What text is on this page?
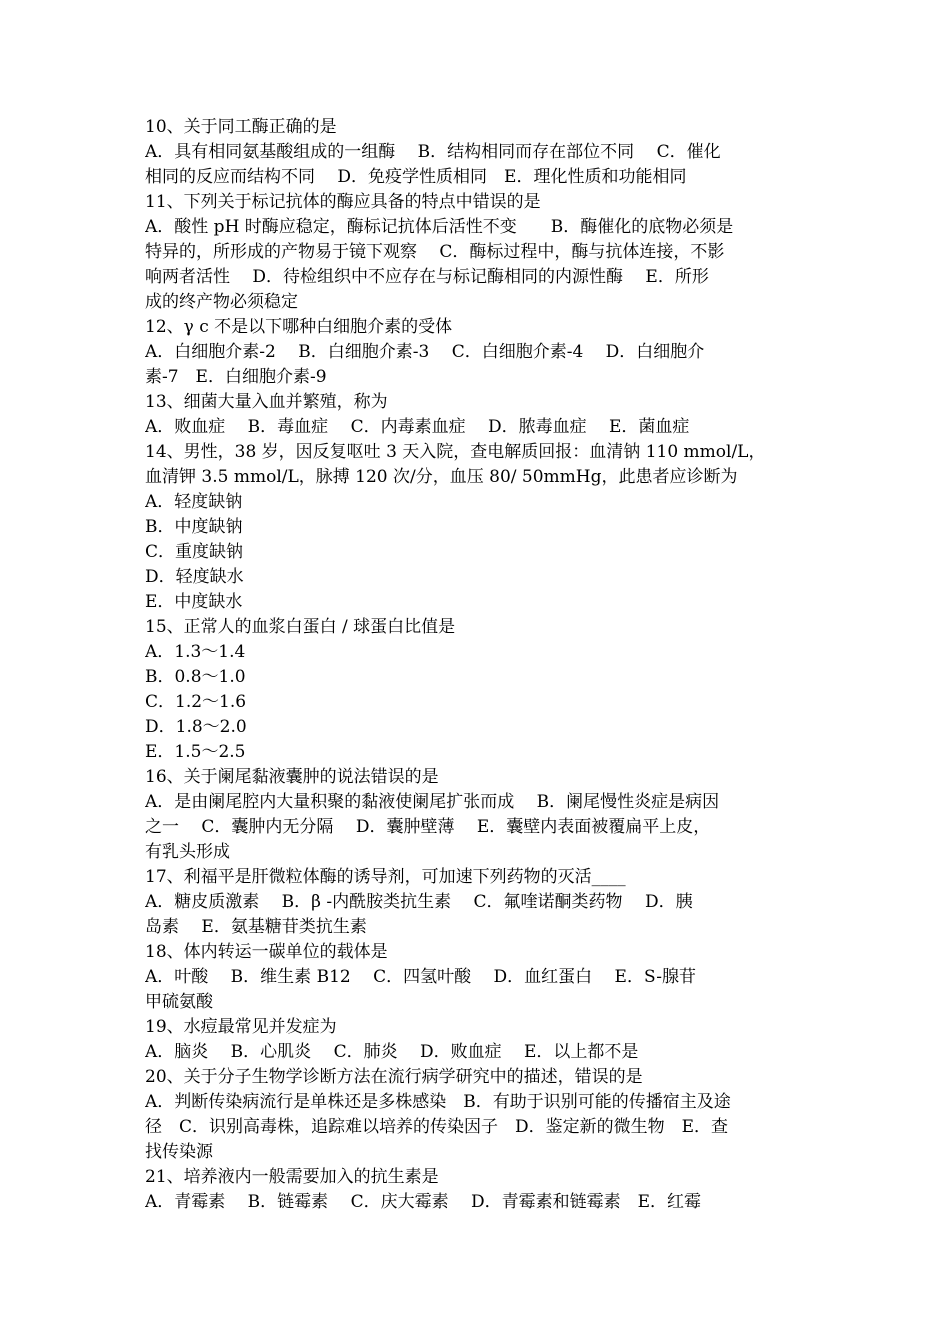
10、关于同工酶正确的是
A．具有相同氨基酸组成的一组酶　 B．结构相同而存在部位不同　 C．催化
相同的反应而结构不同　 D．免疫学性质相同　E．理化性质和功能相同
11、下列关于标记抗体的酶应具备的特点中错误的是
A．酸性 pH 时酶应稳定，酶标记抗体后活性不变　　B．酶催化的底物必须是
特异的，所形成的产物易于镜下观察　 C．酶标过程中，酶与抗体连接，不影
响两者活性　 D．待检组织中不应存在与标记酶相同的内源性酶　 E．所形
成的终产物必须稳定
12、γ c 不是以下哪种白细胞介素的受体
A．白细胞介素-2　 B．白细胞介素-3　 C．白细胞介素-4　 D．白细胞介
素-7　E．白细胞介素-9
13、细菌大量入血并繁殖，称为
A．败血症　 B．毒血症　 C．内毒素血症　 D．脓毒血症　 E．菌血症
14、男性，38 岁，因反复呕吐 3 天入院，查电解质回报：血清钠 110 mmol/L，
血清钾 3.5 mmol/L，脉搏 120 次/分，血压 80/ 50mmHg，此患者应诊断为
A．轻度缺钠
B．中度缺钠
C．重度缺钠
D．轻度缺水
E．中度缺水
15、正常人的血浆白蛋白 / 球蛋白比值是
A．1.3～1.4
B．0.8～1.0
C．1.2～1.6
D．1.8～2.0
E．1.5～2.5
16、关于阑尾黏液囊肿的说法错误的是
A．是由阑尾腔内大量积聚的黏液使阑尾扩张而成　 B．阑尾慢性炎症是病因
之一　 C．囊肿内无分隔　 D．囊肿壁薄　 E．囊壁内表面被覆扁平上皮，
有乳头形成
17、利福平是肝微粒体酶的诱导剂，可加速下列药物的灭活____
A．糖皮质激素　 B．β -内酰胺类抗生素　 C．氟喹诺酮类药物　 D．胰
岛素　 E．氨基糖苷类抗生素
18、体内转运一碳单位的载体是
A．叶酸　 B．维生素 B12　 C．四氢叶酸　 D．血红蛋白　 E．S-腺苷
甲硫氨酸
19、水痘最常见并发症为
A．脑炎　 B．心肌炎　 C．肺炎　 D．败血症　 E．以上都不是
20、关于分子生物学诊断方法在流行病学研究中的描述，错误的是
A．判断传染病流行是单株还是多株感染　B．有助于识别可能的传播宿主及途
径　C．识别高毒株，追踪难以培养的传染因子　D．鉴定新的微生物　E．查
找传染源
21、培养液内一般需要加入的抗生素是
A．青霉素　 B．链霉素　 C．庆大霉素　 D．青霉素和链霉素　E．红霉
